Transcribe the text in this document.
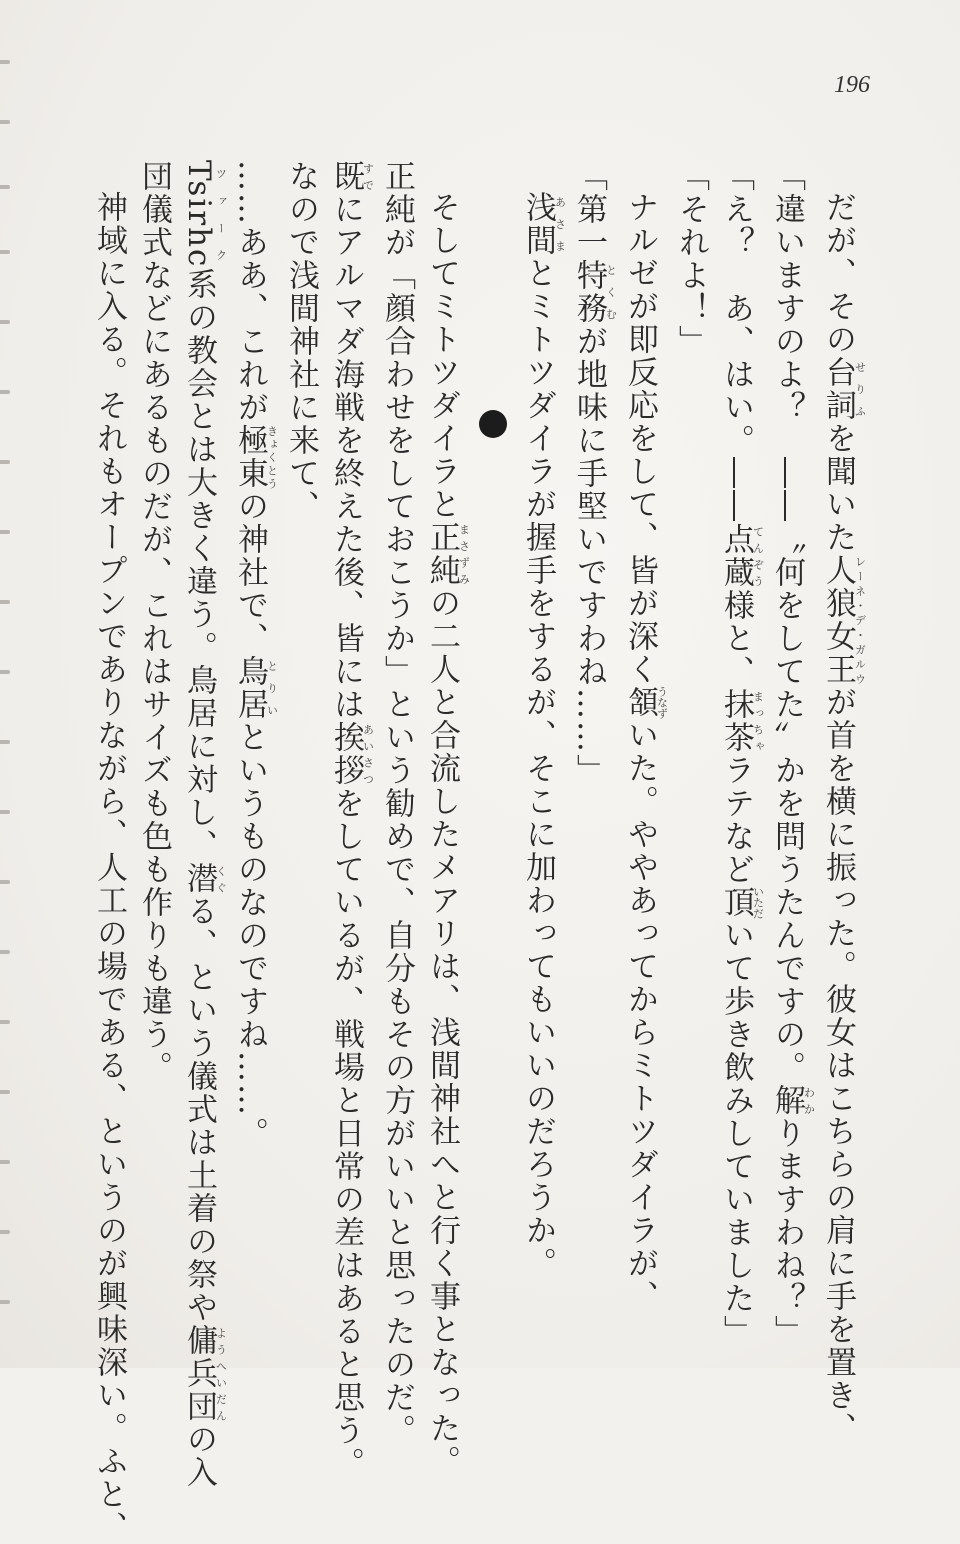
196

だが、その台詞せりふを聞いた人狼女王レーネ・デ・ガルウが首を横に振った。彼女はこちらの肩に手を置き、

「違いますのよ？　――〝何をしてた〟かを問うたんですの。解わかりますわね？」

「え？　あ、はい。――点蔵てんぞう様と、抹茶まっちゃラテなど頂いただいて歩き飲みしていました」

「それよ！」

ナルゼが即反応をして、皆が深く頷うなずいた。ややあってからミトツダイラが、

「第一特務とくむが地味に手堅いですわね……」

浅間あさまとミトツダイラが握手をするが、そこに加わってもいいのだろうか。

そしてミトツダイラと正純まさずみの二人と合流したメアリは、浅間神社へと行く事となった。

正純が「顔合わせをしておこうか」という勧めで、自分もその方がいいと思ったのだ。

既すでにアルマダ海戦を終えた後、皆には挨拶あいさつをしているが、戦場と日常の差はあると思う。

なので浅間神社に来て、

……ああ、これが極東きょくとうの神社で、鳥居とりいというものなのですね……。

Tsirhcツァーク系の教会とは大きく違う。鳥居に対し、潜くぐる、という儀式は土着の祭や傭兵団ようへいだんの入

団儀式などにあるものだが、これはサイズも色も作りも違う。

神域に入る。それもオープンでありながら、人工の場である、というのが興味深い。ふと、
